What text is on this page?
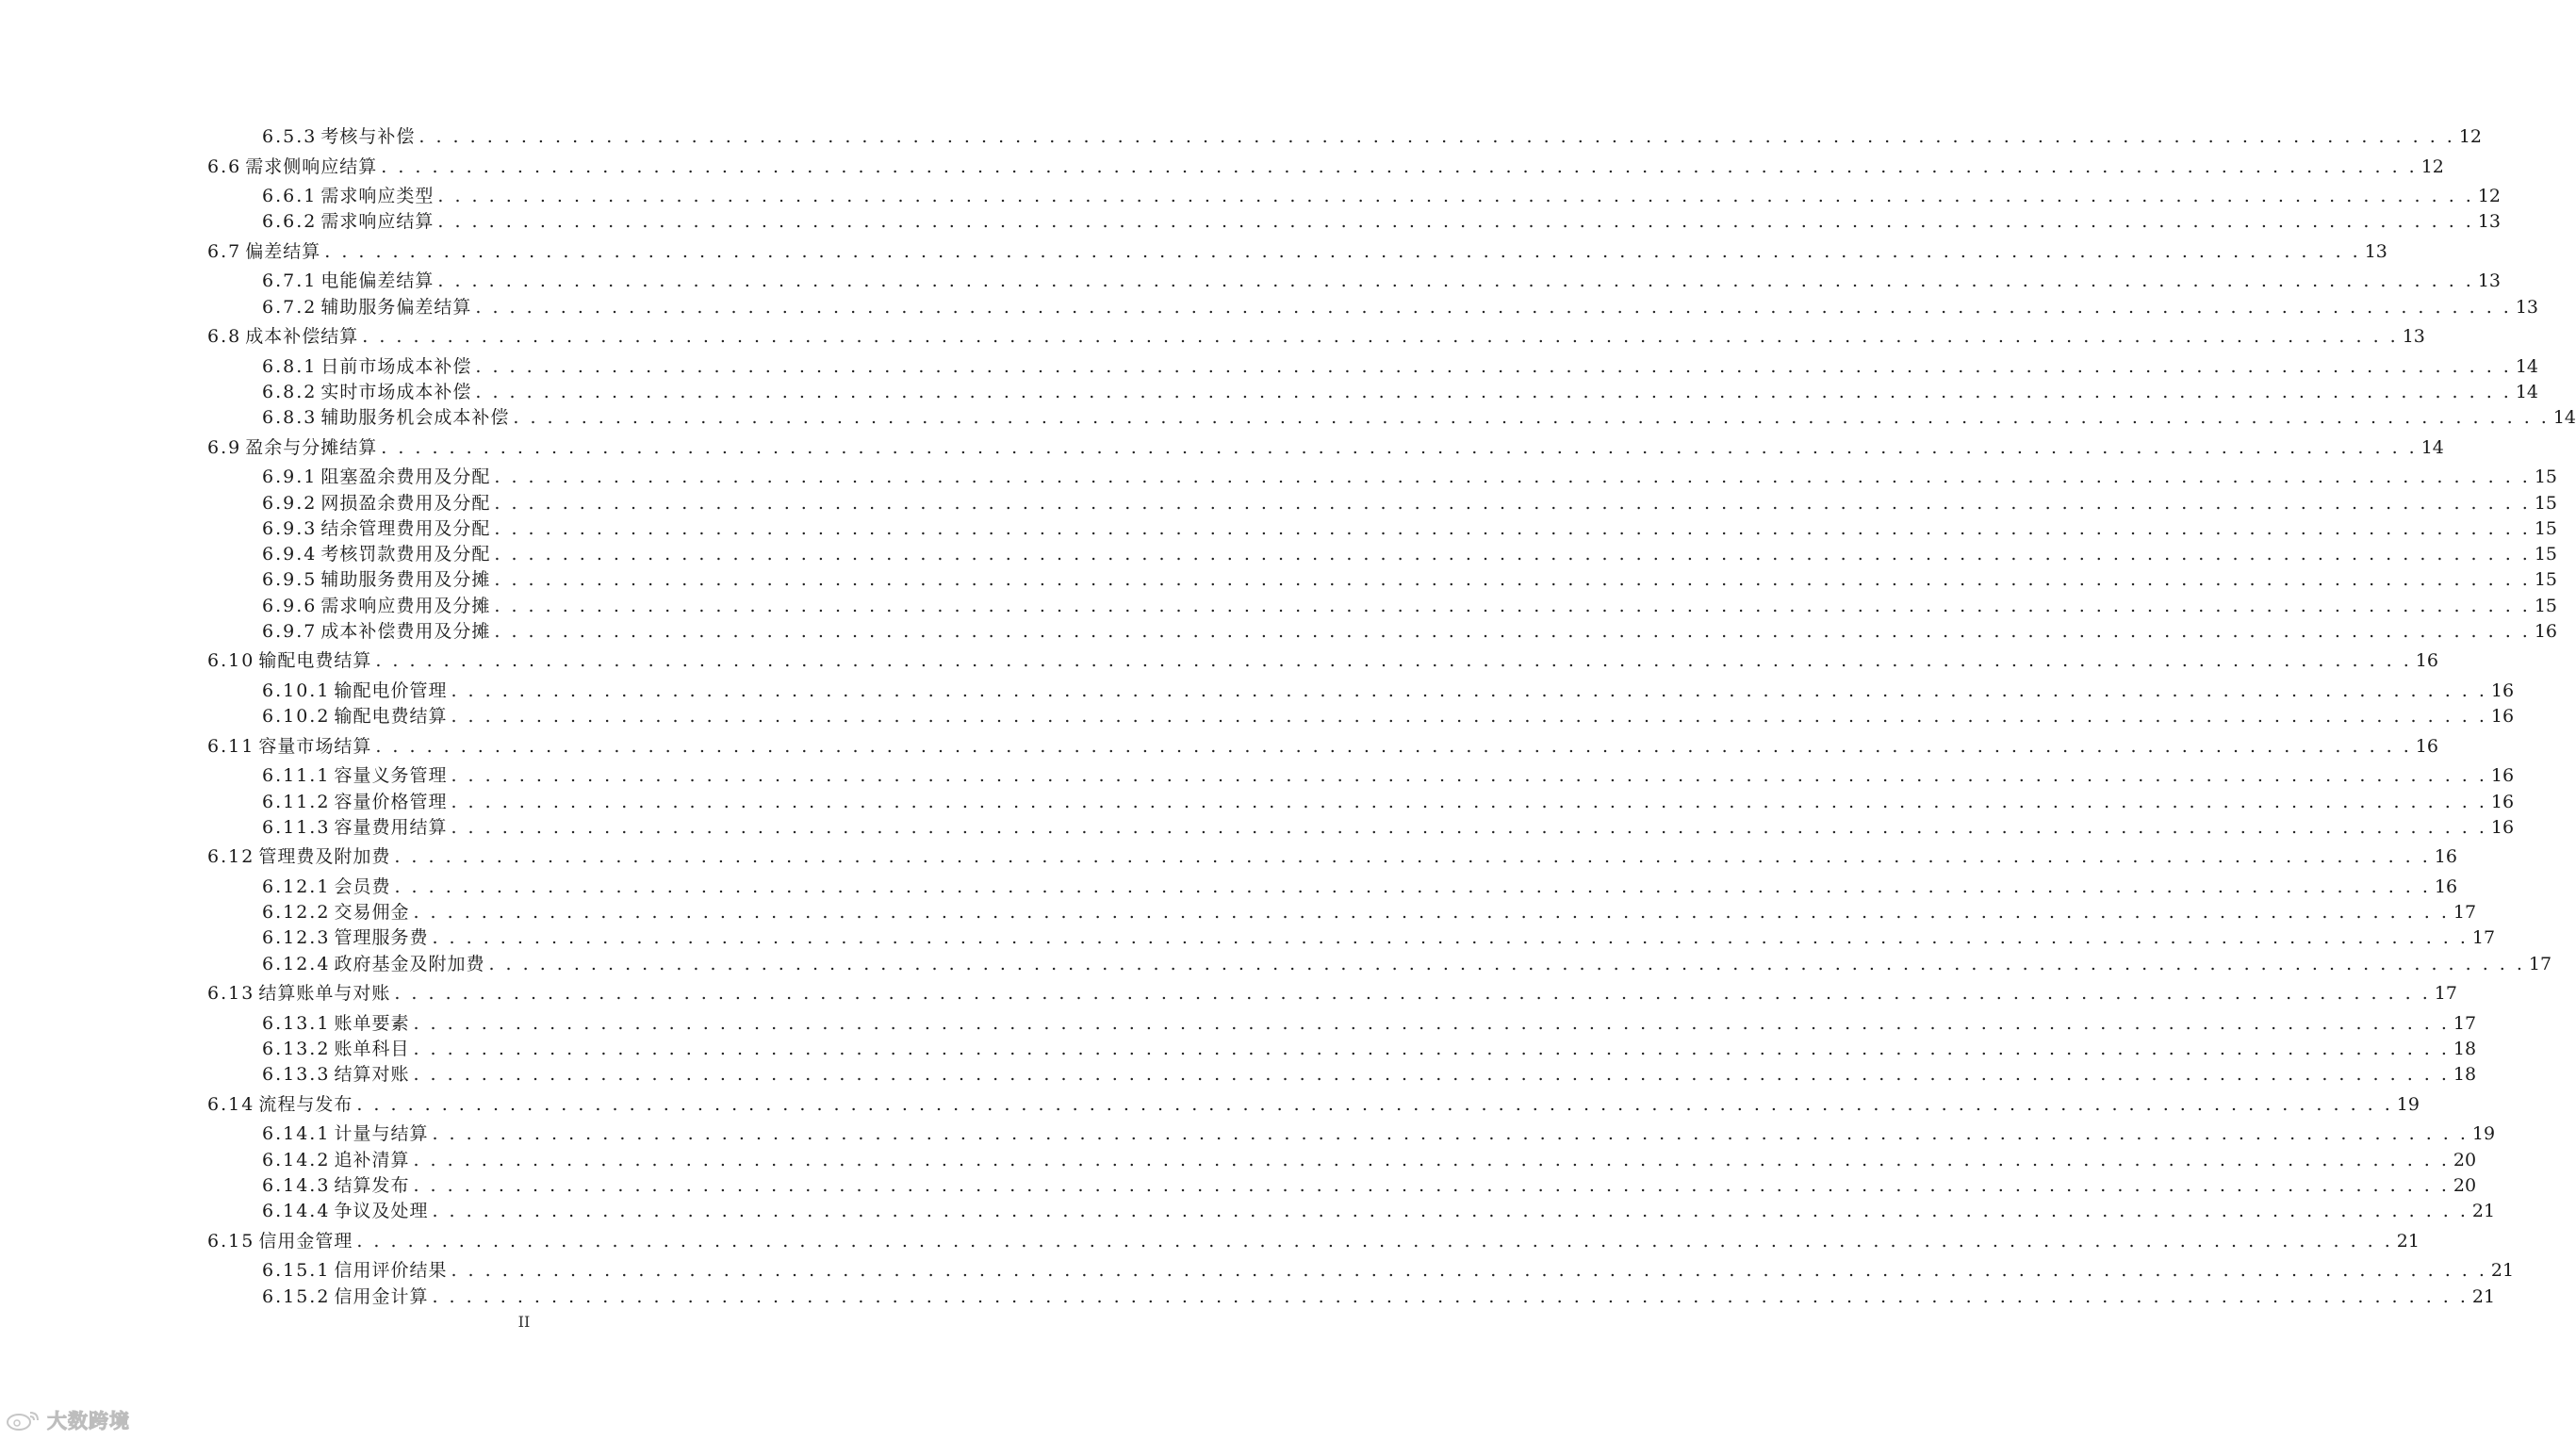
6.5.3 考核与补偿 . . . . . . . . . . . . . . . . . . . . . . . . . . . . . . . . . . . . . . . . . . . . . . . . . . . . . . . . . . . . . . . . . . . . . . . . . . . . . . . . . . . . . . . . . . . . . . . . . . . . . . . . . . . . . . . . . . . . . . . . 12
6.6 需求侧响应结算 . . . . . . . . . . . . . . . . . . . . . . . . . . . . . . . . . . . . . . . . . . . . . . . . . . . . . . . . . . . . . . . . . . . . . . . . . . . . . . . . . . . . . . . . . . . . . . . . . . . . . . . . . . . . . . . . . . . . . . . . 12
6.6.1 需求响应类型 . . . . . . . . . . . . . . . . . . . . . . . . . . . . . . . . . . . . . . . . . . . . . . . . . . . . . . . . . . . . . . . . . . . . . . . . . . . . . . . . . . . . . . . . . . . . . . . . . . . . . . . . . . . . . . . . . . . . . . . . 12
6.6.2 需求响应结算 . . . . . . . . . . . . . . . . . . . . . . . . . . . . . . . . . . . . . . . . . . . . . . . . . . . . . . . . . . . . . . . . . . . . . . . . . . . . . . . . . . . . . . . . . . . . . . . . . . . . . . . . . . . . . . . . . . . . . . . . 13
6.7 偏差结算 . . . . . . . . . . . . . . . . . . . . . . . . . . . . . . . . . . . . . . . . . . . . . . . . . . . . . . . . . . . . . . . . . . . . . . . . . . . . . . . . . . . . . . . . . . . . . . . . . . . . . . . . . . . . . . . . . . . . . . . . 13
6.7.1 电能偏差结算 . . . . . . . . . . . . . . . . . . . . . . . . . . . . . . . . . . . . . . . . . . . . . . . . . . . . . . . . . . . . . . . . . . . . . . . . . . . . . . . . . . . . . . . . . . . . . . . . . . . . . . . . . . . . . . . . . . . . . . . . 13
6.7.2 辅助服务偏差结算 . . . . . . . . . . . . . . . . . . . . . . . . . . . . . . . . . . . . . . . . . . . . . . . . . . . . . . . . . . . . . . . . . . . . . . . . . . . . . . . . . . . . . . . . . . . . . . . . . . . . . . . . . . . . . . . . . . . . . . . . 13
6.8 成本补偿结算 . . . . . . . . . . . . . . . . . . . . . . . . . . . . . . . . . . . . . . . . . . . . . . . . . . . . . . . . . . . . . . . . . . . . . . . . . . . . . . . . . . . . . . . . . . . . . . . . . . . . . . . . . . . . . . . . . . . . . . . . 13
6.8.1 日前市场成本补偿 . . . . . . . . . . . . . . . . . . . . . . . . . . . . . . . . . . . . . . . . . . . . . . . . . . . . . . . . . . . . . . . . . . . . . . . . . . . . . . . . . . . . . . . . . . . . . . . . . . . . . . . . . . . . . . . . . . . . . . . . 14
6.8.2 实时市场成本补偿 . . . . . . . . . . . . . . . . . . . . . . . . . . . . . . . . . . . . . . . . . . . . . . . . . . . . . . . . . . . . . . . . . . . . . . . . . . . . . . . . . . . . . . . . . . . . . . . . . . . . . . . . . . . . . . . . . . . . . . . . 14
6.8.3 辅助服务机会成本补偿 . . . . . . . . . . . . . . . . . . . . . . . . . . . . . . . . . . . . . . . . . . . . . . . . . . . . . . . . . . . . . . . . . . . . . . . . . . . . . . . . . . . . . . . . . . . . . . . . . . . . . . . . . . . . . . . . . . . . . . . . 14
6.9 盈余与分摊结算 . . . . . . . . . . . . . . . . . . . . . . . . . . . . . . . . . . . . . . . . . . . . . . . . . . . . . . . . . . . . . . . . . . . . . . . . . . . . . . . . . . . . . . . . . . . . . . . . . . . . . . . . . . . . . . . . . . . . . . . . 14
6.9.1 阻塞盈余费用及分配 . . . . . . . . . . . . . . . . . . . . . . . . . . . . . . . . . . . . . . . . . . . . . . . . . . . . . . . . . . . . . . . . . . . . . . . . . . . . . . . . . . . . . . . . . . . . . . . . . . . . . . . . . . . . . . . . . . . . . . . . 15
6.9.2 网损盈余费用及分配 . . . . . . . . . . . . . . . . . . . . . . . . . . . . . . . . . . . . . . . . . . . . . . . . . . . . . . . . . . . . . . . . . . . . . . . . . . . . . . . . . . . . . . . . . . . . . . . . . . . . . . . . . . . . . . . . . . . . . . . . 15
6.9.3 结余管理费用及分配 . . . . . . . . . . . . . . . . . . . . . . . . . . . . . . . . . . . . . . . . . . . . . . . . . . . . . . . . . . . . . . . . . . . . . . . . . . . . . . . . . . . . . . . . . . . . . . . . . . . . . . . . . . . . . . . . . . . . . . . . 15
6.9.4 考核罚款费用及分配 . . . . . . . . . . . . . . . . . . . . . . . . . . . . . . . . . . . . . . . . . . . . . . . . . . . . . . . . . . . . . . . . . . . . . . . . . . . . . . . . . . . . . . . . . . . . . . . . . . . . . . . . . . . . . . . . . . . . . . . . 15
6.9.5 辅助服务费用及分摊 . . . . . . . . . . . . . . . . . . . . . . . . . . . . . . . . . . . . . . . . . . . . . . . . . . . . . . . . . . . . . . . . . . . . . . . . . . . . . . . . . . . . . . . . . . . . . . . . . . . . . . . . . . . . . . . . . . . . . . . . 15
6.9.6 需求响应费用及分摊 . . . . . . . . . . . . . . . . . . . . . . . . . . . . . . . . . . . . . . . . . . . . . . . . . . . . . . . . . . . . . . . . . . . . . . . . . . . . . . . . . . . . . . . . . . . . . . . . . . . . . . . . . . . . . . . . . . . . . . . . 15
6.9.7 成本补偿费用及分摊 . . . . . . . . . . . . . . . . . . . . . . . . . . . . . . . . . . . . . . . . . . . . . . . . . . . . . . . . . . . . . . . . . . . . . . . . . . . . . . . . . . . . . . . . . . . . . . . . . . . . . . . . . . . . . . . . . . . . . . . . 16
6.10 输配电费结算 . . . . . . . . . . . . . . . . . . . . . . . . . . . . . . . . . . . . . . . . . . . . . . . . . . . . . . . . . . . . . . . . . . . . . . . . . . . . . . . . . . . . . . . . . . . . . . . . . . . . . . . . . . . . . . . . . . . . . . . . 16
6.10.1 输配电价管理 . . . . . . . . . . . . . . . . . . . . . . . . . . . . . . . . . . . . . . . . . . . . . . . . . . . . . . . . . . . . . . . . . . . . . . . . . . . . . . . . . . . . . . . . . . . . . . . . . . . . . . . . . . . . . . . . . . . . . . . . 16
6.10.2 输配电费结算 . . . . . . . . . . . . . . . . . . . . . . . . . . . . . . . . . . . . . . . . . . . . . . . . . . . . . . . . . . . . . . . . . . . . . . . . . . . . . . . . . . . . . . . . . . . . . . . . . . . . . . . . . . . . . . . . . . . . . . . . 16
6.11 容量市场结算 . . . . . . . . . . . . . . . . . . . . . . . . . . . . . . . . . . . . . . . . . . . . . . . . . . . . . . . . . . . . . . . . . . . . . . . . . . . . . . . . . . . . . . . . . . . . . . . . . . . . . . . . . . . . . . . . . . . . . . . . 16
6.11.1 容量义务管理 . . . . . . . . . . . . . . . . . . . . . . . . . . . . . . . . . . . . . . . . . . . . . . . . . . . . . . . . . . . . . . . . . . . . . . . . . . . . . . . . . . . . . . . . . . . . . . . . . . . . . . . . . . . . . . . . . . . . . . . . 16
6.11.2 容量价格管理 . . . . . . . . . . . . . . . . . . . . . . . . . . . . . . . . . . . . . . . . . . . . . . . . . . . . . . . . . . . . . . . . . . . . . . . . . . . . . . . . . . . . . . . . . . . . . . . . . . . . . . . . . . . . . . . . . . . . . . . . 16
6.11.3 容量费用结算 . . . . . . . . . . . . . . . . . . . . . . . . . . . . . . . . . . . . . . . . . . . . . . . . . . . . . . . . . . . . . . . . . . . . . . . . . . . . . . . . . . . . . . . . . . . . . . . . . . . . . . . . . . . . . . . . . . . . . . . . 16
6.12 管理费及附加费 . . . . . . . . . . . . . . . . . . . . . . . . . . . . . . . . . . . . . . . . . . . . . . . . . . . . . . . . . . . . . . . . . . . . . . . . . . . . . . . . . . . . . . . . . . . . . . . . . . . . . . . . . . . . . . . . . . . . . . . . 16
6.12.1 会员费 . . . . . . . . . . . . . . . . . . . . . . . . . . . . . . . . . . . . . . . . . . . . . . . . . . . . . . . . . . . . . . . . . . . . . . . . . . . . . . . . . . . . . . . . . . . . . . . . . . . . . . . . . . . . . . . . . . . . . . . . 16
6.12.2 交易佣金 . . . . . . . . . . . . . . . . . . . . . . . . . . . . . . . . . . . . . . . . . . . . . . . . . . . . . . . . . . . . . . . . . . . . . . . . . . . . . . . . . . . . . . . . . . . . . . . . . . . . . . . . . . . . . . . . . . . . . . . . 17
6.12.3 管理服务费 . . . . . . . . . . . . . . . . . . . . . . . . . . . . . . . . . . . . . . . . . . . . . . . . . . . . . . . . . . . . . . . . . . . . . . . . . . . . . . . . . . . . . . . . . . . . . . . . . . . . . . . . . . . . . . . . . . . . . . . . 17
6.12.4 政府基金及附加费 . . . . . . . . . . . . . . . . . . . . . . . . . . . . . . . . . . . . . . . . . . . . . . . . . . . . . . . . . . . . . . . . . . . . . . . . . . . . . . . . . . . . . . . . . . . . . . . . . . . . . . . . . . . . . . . . . . . . . . . . 17
6.13 结算账单与对账 . . . . . . . . . . . . . . . . . . . . . . . . . . . . . . . . . . . . . . . . . . . . . . . . . . . . . . . . . . . . . . . . . . . . . . . . . . . . . . . . . . . . . . . . . . . . . . . . . . . . . . . . . . . . . . . . . . . . . . . . 17
6.13.1 账单要素 . . . . . . . . . . . . . . . . . . . . . . . . . . . . . . . . . . . . . . . . . . . . . . . . . . . . . . . . . . . . . . . . . . . . . . . . . . . . . . . . . . . . . . . . . . . . . . . . . . . . . . . . . . . . . . . . . . . . . . . . 17
6.13.2 账单科目 . . . . . . . . . . . . . . . . . . . . . . . . . . . . . . . . . . . . . . . . . . . . . . . . . . . . . . . . . . . . . . . . . . . . . . . . . . . . . . . . . . . . . . . . . . . . . . . . . . . . . . . . . . . . . . . . . . . . . . . . 18
6.13.3 结算对账 . . . . . . . . . . . . . . . . . . . . . . . . . . . . . . . . . . . . . . . . . . . . . . . . . . . . . . . . . . . . . . . . . . . . . . . . . . . . . . . . . . . . . . . . . . . . . . . . . . . . . . . . . . . . . . . . . . . . . . . . 18
6.14 流程与发布 . . . . . . . . . . . . . . . . . . . . . . . . . . . . . . . . . . . . . . . . . . . . . . . . . . . . . . . . . . . . . . . . . . . . . . . . . . . . . . . . . . . . . . . . . . . . . . . . . . . . . . . . . . . . . . . . . . . . . . . . 19
6.14.1 计量与结算 . . . . . . . . . . . . . . . . . . . . . . . . . . . . . . . . . . . . . . . . . . . . . . . . . . . . . . . . . . . . . . . . . . . . . . . . . . . . . . . . . . . . . . . . . . . . . . . . . . . . . . . . . . . . . . . . . . . . . . . . 19
6.14.2 追补清算 . . . . . . . . . . . . . . . . . . . . . . . . . . . . . . . . . . . . . . . . . . . . . . . . . . . . . . . . . . . . . . . . . . . . . . . . . . . . . . . . . . . . . . . . . . . . . . . . . . . . . . . . . . . . . . . . . . . . . . . . 20
6.14.3 结算发布 . . . . . . . . . . . . . . . . . . . . . . . . . . . . . . . . . . . . . . . . . . . . . . . . . . . . . . . . . . . . . . . . . . . . . . . . . . . . . . . . . . . . . . . . . . . . . . . . . . . . . . . . . . . . . . . . . . . . . . . . 20
6.14.4 争议及处理 . . . . . . . . . . . . . . . . . . . . . . . . . . . . . . . . . . . . . . . . . . . . . . . . . . . . . . . . . . . . . . . . . . . . . . . . . . . . . . . . . . . . . . . . . . . . . . . . . . . . . . . . . . . . . . . . . . . . . . . . 21
6.15 信用金管理 . . . . . . . . . . . . . . . . . . . . . . . . . . . . . . . . . . . . . . . . . . . . . . . . . . . . . . . . . . . . . . . . . . . . . . . . . . . . . . . . . . . . . . . . . . . . . . . . . . . . . . . . . . . . . . . . . . . . . . . . 21
6.15.1 信用评价结果 . . . . . . . . . . . . . . . . . . . . . . . . . . . . . . . . . . . . . . . . . . . . . . . . . . . . . . . . . . . . . . . . . . . . . . . . . . . . . . . . . . . . . . . . . . . . . . . . . . . . . . . . . . . . . . . . . . . . . . . . 21
6.15.2 信用金计算 . . . . . . . . . . . . . . . . . . . . . . . . . . . . . . . . . . . . . . . . . . . . . . . . . . . . . . . . . . . . . . . . . . . . . . . . . . . . . . . . . . . . . . . . . . . . . . . . . . . . . . . . . . . . . . . . . . . . . . . . 21
II
大数跨境
